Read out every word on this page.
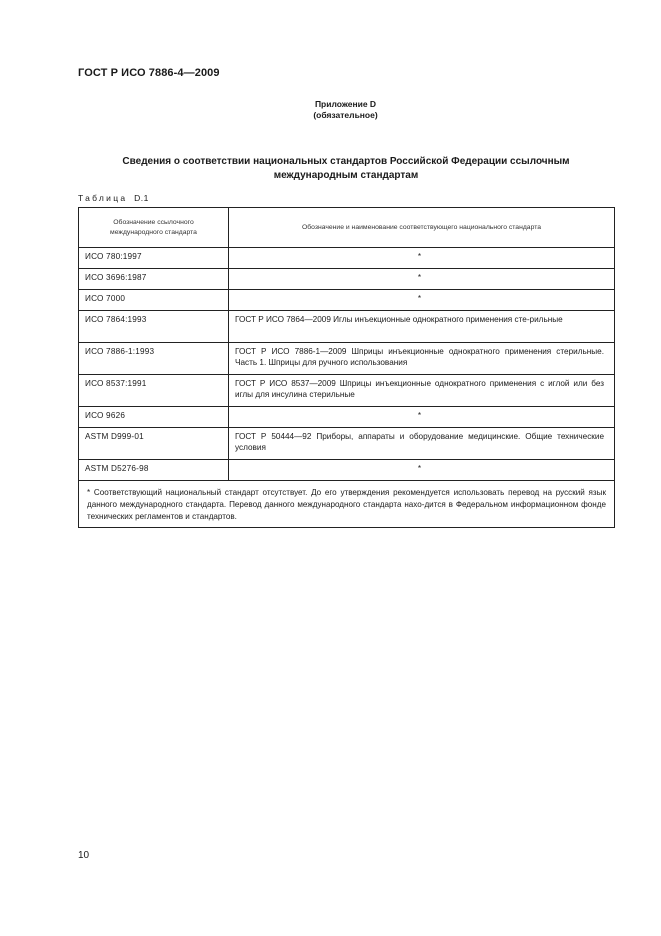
ГОСТ Р ИСО 7886-4—2009
Приложение D
(обязательное)
Сведения о соответствии национальных стандартов Российской Федерации ссылочным
международным стандартам
Таблица D.1
Обозначение ссылочного
международного стандарта	Обозначение и наименование соответствующего национального стандарта
ИСО 780:1997	*
ИСО 3696:1987	*
ИСО 7000	*
ИСО 7864:1993	ГОСТ Р ИСО 7864—2009 Иглы инъекционные однократного применения сте-рильные
ИСО 7886-1:1993	ГОСТ Р ИСО 7886-1—2009 Шприцы инъекционные однократного применения стерильные. Часть 1. Шприцы для ручного использования
ИСО 8537:1991	ГОСТ Р ИСО 8537—2009 Шприцы инъекционные однократного применения с иглой или без иглы для инсулина стерильные
ИСО 9626	*
ASTM D999-01	ГОСТ Р 50444—92 Приборы, аппараты и оборудование медицинские. Общие технические условия
ASTM D5276-98	*
* Соответствующий национальный стандарт отсутствует. До его утверждения рекомендуется использовать перевод на русский язык данного международного стандарта. Перевод данного международного стандарта нахо-дится в Федеральном информационном фонде технических регламентов и стандартов.	
10
